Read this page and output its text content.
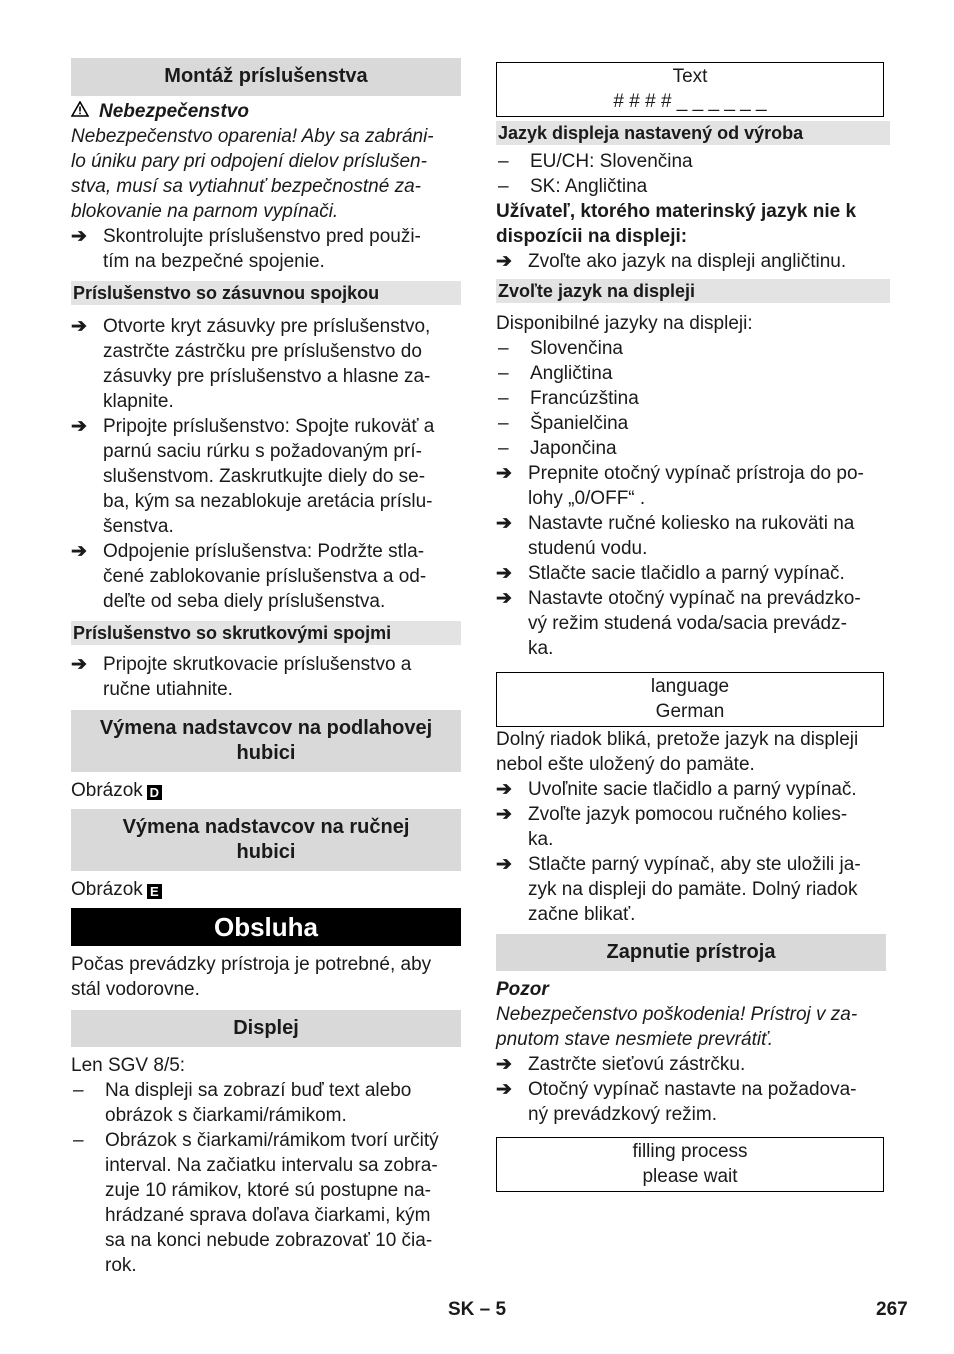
Montáž príslušenstva
Nebezpečenstvo
Nebezpečenstvo oparenia! Aby sa zabráni-
lo úniku pary pri odpojení dielov príslušen-
stva, musí sa vytiahnuť bezpečnostné za-
blokovanie na parnom vypínači.
➔ Skontrolujte príslušenstvo pred použi-
tím na bezpečné spojenie.
Príslušenstvo so zásuvnou spojkou
➔ Otvorte kryt zásuvky pre príslušenstvo,
zastrčte zástrčku pre príslušenstvo do
zásuvky pre príslušenstvo a hlasne za-
klapnite.
➔ Pripojte príslušenstvo: Spojte rukoväť a
parnú saciu rúrku s požadovaným prí-
slušenstvom. Zaskrutkujte diely do se-
ba, kým sa nezablokuje aretácia príslu-
šenstva.
➔ Odpojenie príslušenstva: Podržte stla-
čené zablokovanie príslušenstva a od-
deľte od seba diely príslušenstva.
Príslušenstvo so skrutkovými spojmi
➔ Pripojte skrutkovacie príslušenstvo a
ručne utiahnite.
Výmena nadstavcov na podlahovej
hubici
Obrázok D
Výmena nadstavcov na ručnej
hubici
Obrázok E
Obsluha
Počas prevádzky prístroja je potrebné, aby
stál vodorovne.
Displej
Len SGV 8/5:
–	Na displeji sa zobrazí buď text alebo
obrázok s čiarkami/rámikom.
–	Obrázok s čiarkami/rámikom tvorí určitý
interval. Na začiatku intervalu sa zobra-
zuje 10 rámikov, ktoré sú postupne na-
hrádzané sprava doľava čiarkami, kým
sa na konci nebude zobrazovať 10 čia-
rok.
Text
# # # # _ _ _ _ _ _
Jazyk displeja nastavený od výroba
–	EU/CH: Slovenčina
–	SK: Angličtina
Užívateľ, ktorého materinský jazyk nie k
dispozícii na displeji:
➔ Zvoľte ako jazyk na displeji angličtinu.
Zvoľte jazyk na displeji
Disponibilné jazyky na displeji:
–	Slovenčina
–	Angličtina
–	Francúzština
–	Španielčina
–	Japončina
➔ Prepnite otočný vypínač prístroja do po-
lohy „0/OFF“ .
➔ Nastavte ručné koliesko na rukoväti na
studenú vodu.
➔ Stlačte sacie tlačidlo a parný vypínač.
➔ Nastavte otočný vypínač na prevádzko-
vý režim studená voda/sacia prevádz-
ka.
language
German
Dolný riadok bliká, pretože jazyk na displeji
nebol ešte uložený do pamäte.
➔ Uvoľnite sacie tlačidlo a parný vypínač.
➔ Zvoľte jazyk pomocou ručného kolies-
ka.
➔ Stlačte parný vypínač, aby ste uložili ja-
zyk na displeji do pamäte. Dolný riadok
začne blikať.
Zapnutie prístroja
Pozor
Nebezpečenstvo poškodenia! Prístroj v za-
pnutom stave nesmiete prevrátiť.
➔ Zastrčte sieťovú zástrčku.
➔ Otočný vypínač nastavte na požadova-
ný prevádzkový režim.
filling process
please wait
SK – 5	267
